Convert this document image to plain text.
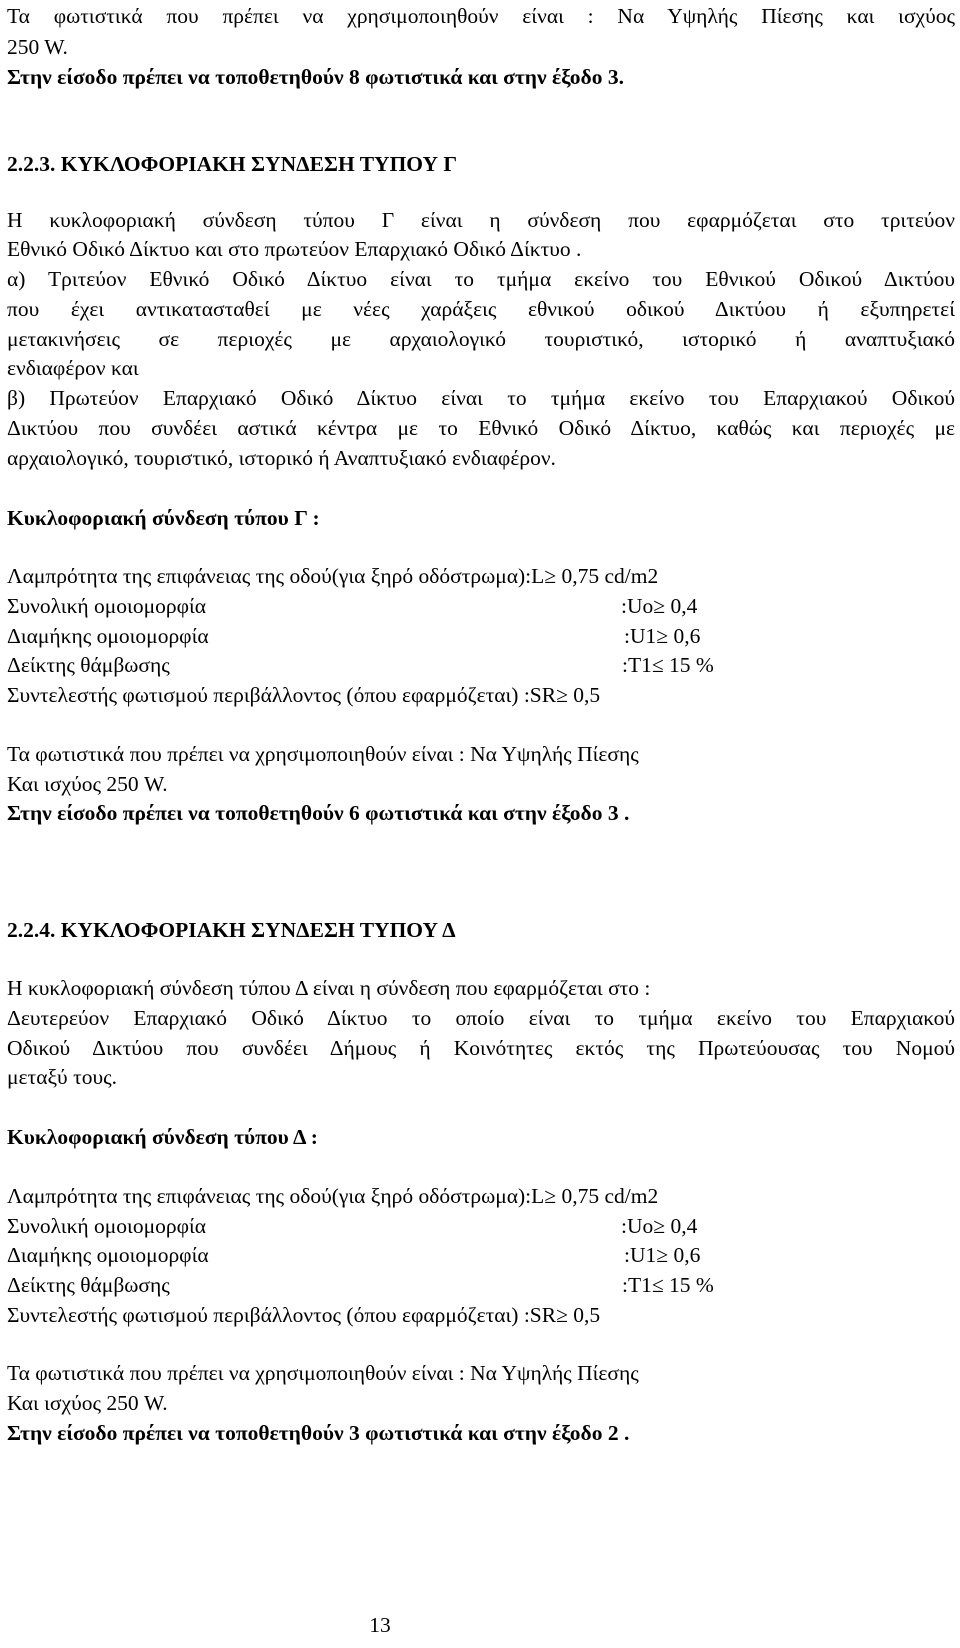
Τα φωτιστικά που πρέπει να χρησιμοποιηθούν είναι : Να Υψηλής Πίεσης και ισχύος
250 W.
Στην είσοδο πρέπει να τοποθετηθούν 8 φωτιστικά και στην έξοδο 3.
2.2.3. ΚΥΚΛΟΦΟΡΙΑΚΗ ΣΥΝΔΕΣΗ ΤΥΠΟΥ Γ
Η κυκλοφοριακή σύνδεση τύπου Γ είναι η σύνδεση που εφαρμόζεται στο τριτεύον
Εθνικό Οδικό Δίκτυο και στο πρωτεύον Επαρχιακό Οδικό Δίκτυο .
α) Τριτεύον Εθνικό Οδικό Δίκτυο είναι το τμήμα εκείνο του Εθνικού Οδικού Δικτύου
που έχει αντικατασταθεί με νέες χαράξεις εθνικού οδικού Δικτύου ή εξυπηρετεί
μετακινήσεις σε περιοχές με αρχαιολογικό τουριστικό, ιστορικό ή αναπτυξιακό
ενδιαφέρον και
β) Πρωτεύον Επαρχιακό Οδικό Δίκτυο είναι το τμήμα εκείνο του Επαρχιακού Οδικού
Δικτύου που συνδέει αστικά κέντρα με το Εθνικό Οδικό Δίκτυο, καθώς και περιοχές με
αρχαιολογικό, τουριστικό, ιστορικό ή Αναπτυξιακό ενδιαφέρον.
Κυκλοφοριακή σύνδεση τύπου Γ :
Λαμπρότητα της επιφάνειας της οδού(για ξηρό οδόστρωμα):L≥ 0,75 cd/m2
Συνολική ομοιομορφία	:Uo≥ 0,4
Διαμήκης ομοιομορφία	:U1≥ 0,6
Δείκτης θάμβωσης	:T1≤ 15 %
Συντελεστής φωτισμού περιβάλλοντος (όπου εφαρμόζεται) :SR≥ 0,5
Τα φωτιστικά που πρέπει να χρησιμοποιηθούν είναι : Να Υψηλής Πίεσης
Και ισχύος 250 W.
Στην είσοδο πρέπει να τοποθετηθούν 6 φωτιστικά και στην έξοδο 3 .
2.2.4. ΚΥΚΛΟΦΟΡΙΑΚΗ ΣΥΝΔΕΣΗ ΤΥΠΟΥ Δ
Η κυκλοφοριακή σύνδεση τύπου Δ είναι η σύνδεση που εφαρμόζεται στο :
Δευτερεύον Επαρχιακό Οδικό Δίκτυο το οποίο είναι το τμήμα εκείνο του Επαρχιακού
Οδικού Δικτύου που συνδέει Δήμους ή Κοινότητες εκτός της Πρωτεύουσας του Νομού
μεταξύ τους.
Κυκλοφοριακή σύνδεση τύπου Δ :
Λαμπρότητα της επιφάνειας της οδού(για ξηρό οδόστρωμα):L≥ 0,75 cd/m2
Συνολική ομοιομορφία	:Uo≥ 0,4
Διαμήκης ομοιομορφία	:U1≥ 0,6
Δείκτης θάμβωσης	:T1≤ 15 %
Συντελεστής φωτισμού περιβάλλοντος (όπου εφαρμόζεται) :SR≥ 0,5
Τα φωτιστικά που πρέπει να χρησιμοποιηθούν είναι : Να Υψηλής Πίεσης
Και ισχύος 250 W.
Στην είσοδο πρέπει να τοποθετηθούν 3 φωτιστικά και στην έξοδο 2 .
13
